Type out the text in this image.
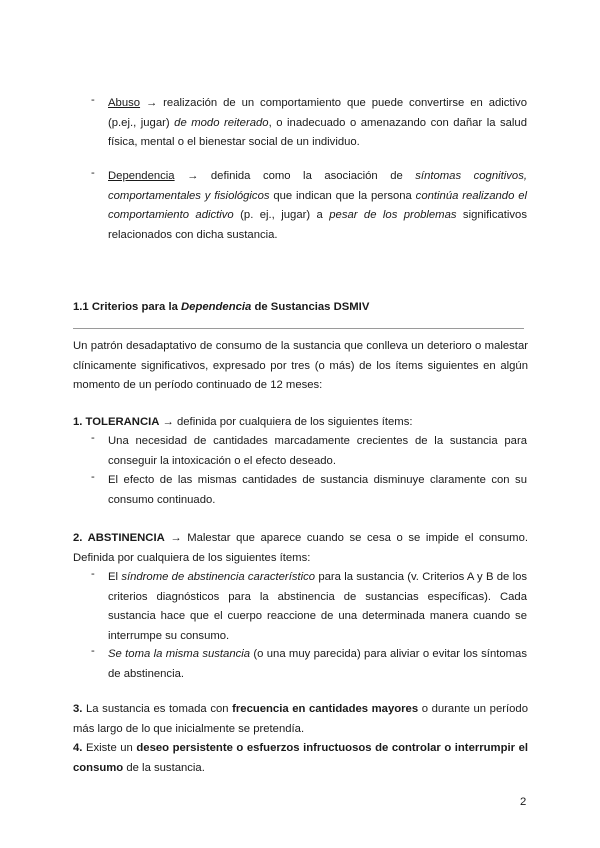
- Abuso → realización de un comportamiento que puede convertirse en adictivo (p.ej., jugar) de modo reiterado, o inadecuado o amenazando con dañar la salud física, mental o el bienestar social de un individuo.
- Dependencia → definida como la asociación de síntomas cognitivos, comportamentales y fisiológicos que indican que la persona continúa realizando el comportamiento adictivo (p. ej., jugar) a pesar de los problemas significativos relacionados con dicha sustancia.

1.1 Criterios para la Dependencia de Sustancias DSMIV

Un patrón desadaptativo de consumo de la sustancia que conlleva un deterioro o malestar clínicamente significativos, expresado por tres (o más) de los ítems siguientes en algún momento de un período continuado de 12 meses:

1. TOLERANCIA → definida por cualquiera de los siguientes ítems:

- Una necesidad de cantidades marcadamente crecientes de la sustancia para conseguir la intoxicación o el efecto deseado.
- El efecto de las mismas cantidades de sustancia disminuye claramente con su consumo continuado.

2. ABSTINENCIA → Malestar que aparece cuando se cesa o se impide el consumo. Definida por cualquiera de los siguientes ítems:

- El síndrome de abstinencia característico para la sustancia (v. Criterios A y B de los criterios diagnósticos para la abstinencia de sustancias específicas). Cada sustancia hace que el cuerpo reaccione de una determinada manera cuando se interrumpe su consumo.
- Se toma la misma sustancia (o una muy parecida) para aliviar o evitar los síntomas de abstinencia.

3. La sustancia es tomada con frecuencia en cantidades mayores o durante un período más largo de lo que inicialmente se pretendía.

4. Existe un deseo persistente o esfuerzos infructuosos de controlar o interrumpir el consumo de la sustancia.

2
